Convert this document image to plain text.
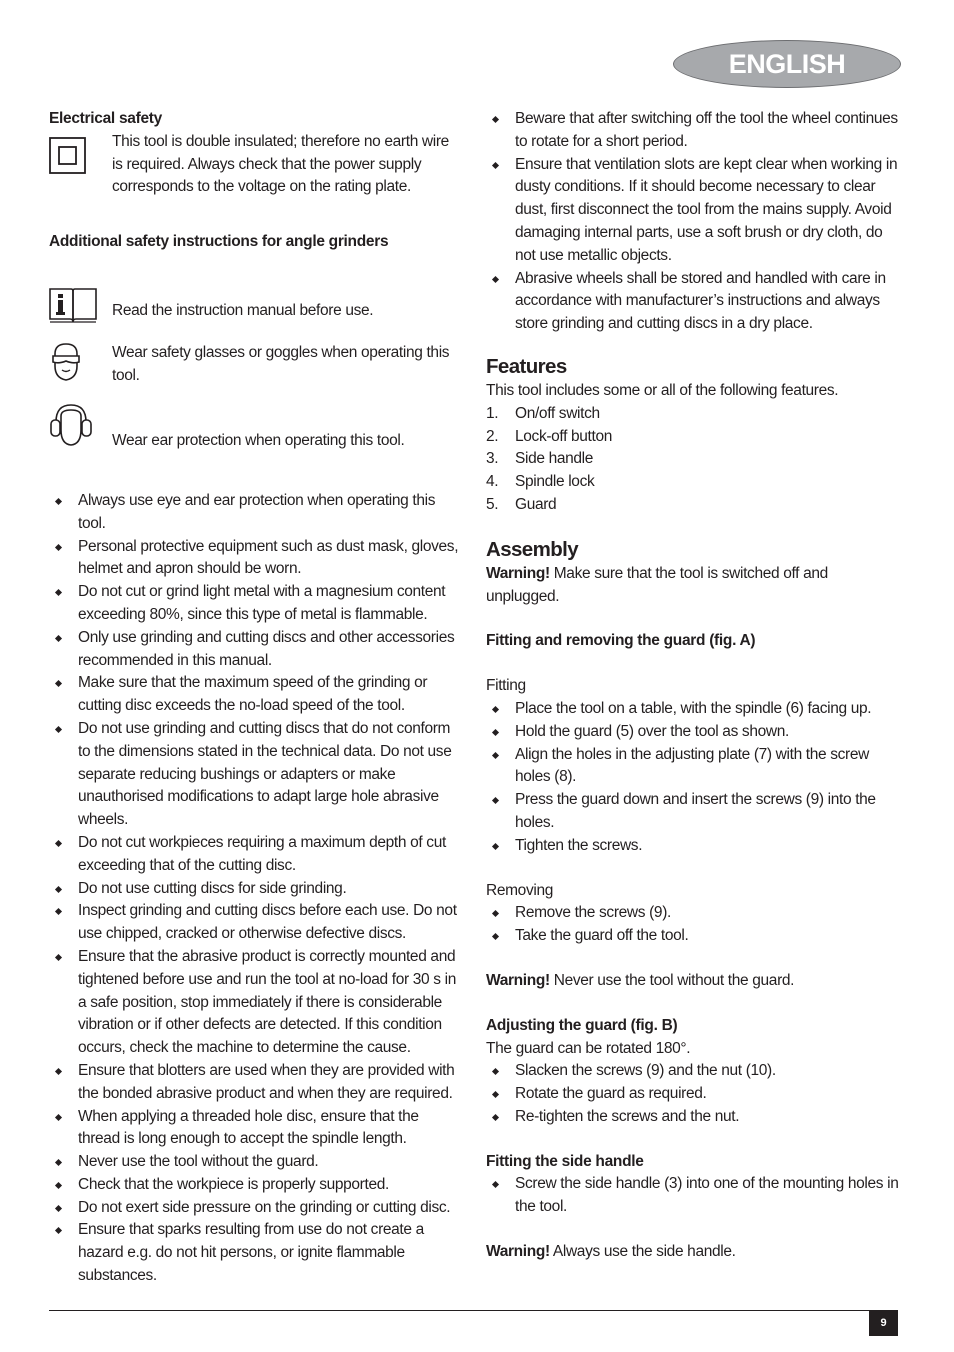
ENGLISH
Electrical safety

This tool is double insulated; therefore no earth wire is required. Always check that the power supply corresponds to the voltage on the rating plate.

Additional safety instructions for angle grinders

Read the instruction manual before use.

Wear safety glasses or goggles when operating this tool.

Wear ear protection when operating this tool.

Always use eye and ear protection when operating this tool.
Personal protective equipment such as dust mask, gloves, helmet and apron should be worn.
Do not cut or grind light metal with a magnesium content exceeding 80%, since this type of metal is flammable.
Only use grinding and cutting discs and other accessories recommended in this manual.
Make sure that the maximum speed of the grinding or cutting disc exceeds the no-load speed of the tool.
Do not use grinding and cutting discs that do not conform to the dimensions stated in the technical data. Do not use separate reducing bushings or adapters or make unauthorised modifications to adapt large hole abrasive wheels.
Do not cut workpieces requiring a maximum depth of cut exceeding that of the cutting disc.
Do not use cutting discs for side grinding.
Inspect grinding and cutting discs before each use. Do not use chipped, cracked or otherwise defective discs.
Ensure that the abrasive product is correctly mounted and tightened before use and run the tool at no-load for 30 s in a safe position, stop immediately if there is considerable vibration or if other defects are detected. If this condition occurs, check the machine to determine the cause.
Ensure that blotters are used when they are provided with the bonded abrasive product and when they are required.
When applying a threaded hole disc, ensure that the thread is long enough to accept the spindle length.
Never use the tool without the guard.
Check that the workpiece is properly supported.
Do not exert side pressure on the grinding or cutting disc.
Ensure that sparks resulting from use do not create a hazard e.g. do not hit persons, or ignite flammable substances.
Beware that after switching off the tool the wheel continues to rotate for a short period.
Ensure that ventilation slots are kept clear when working in dusty conditions. If it should become necessary to clear dust, first disconnect the tool from the mains supply. Avoid damaging internal parts, use a soft brush or dry cloth, do not use metallic objects.
Abrasive wheels shall be stored and handled with care in accordance with manufacturer’s instructions and always store grinding and cutting discs in a dry place.
Features

This tool includes some or all of the following features.

1. On/off switch
2. Lock-off button
3. Side handle
4. Spindle lock
5. Guard
Assembly

Warning! Make sure that the tool is switched off and unplugged.

Fitting and removing the guard (fig. A)

Fitting

Place the tool on a table, with the spindle (6) facing up.
Hold the guard (5) over the tool as shown.
Align the holes in the adjusting plate (7) with the screw holes (8).
Press the guard down and insert the screws (9) into the holes.
Tighten the screws.

Removing

Remove the screws (9).
Take the guard off the tool.

Warning! Never use the tool without the guard.

Adjusting the guard (fig. B)

The guard can be rotated 180°.

Slacken the screws (9) and the nut (10).
Rotate the guard as required.
Re-tighten the screws and the nut.
Fitting the side handle
Screw the side handle (3) into one of the mounting holes in the tool.

Warning! Always use the side handle.

9
